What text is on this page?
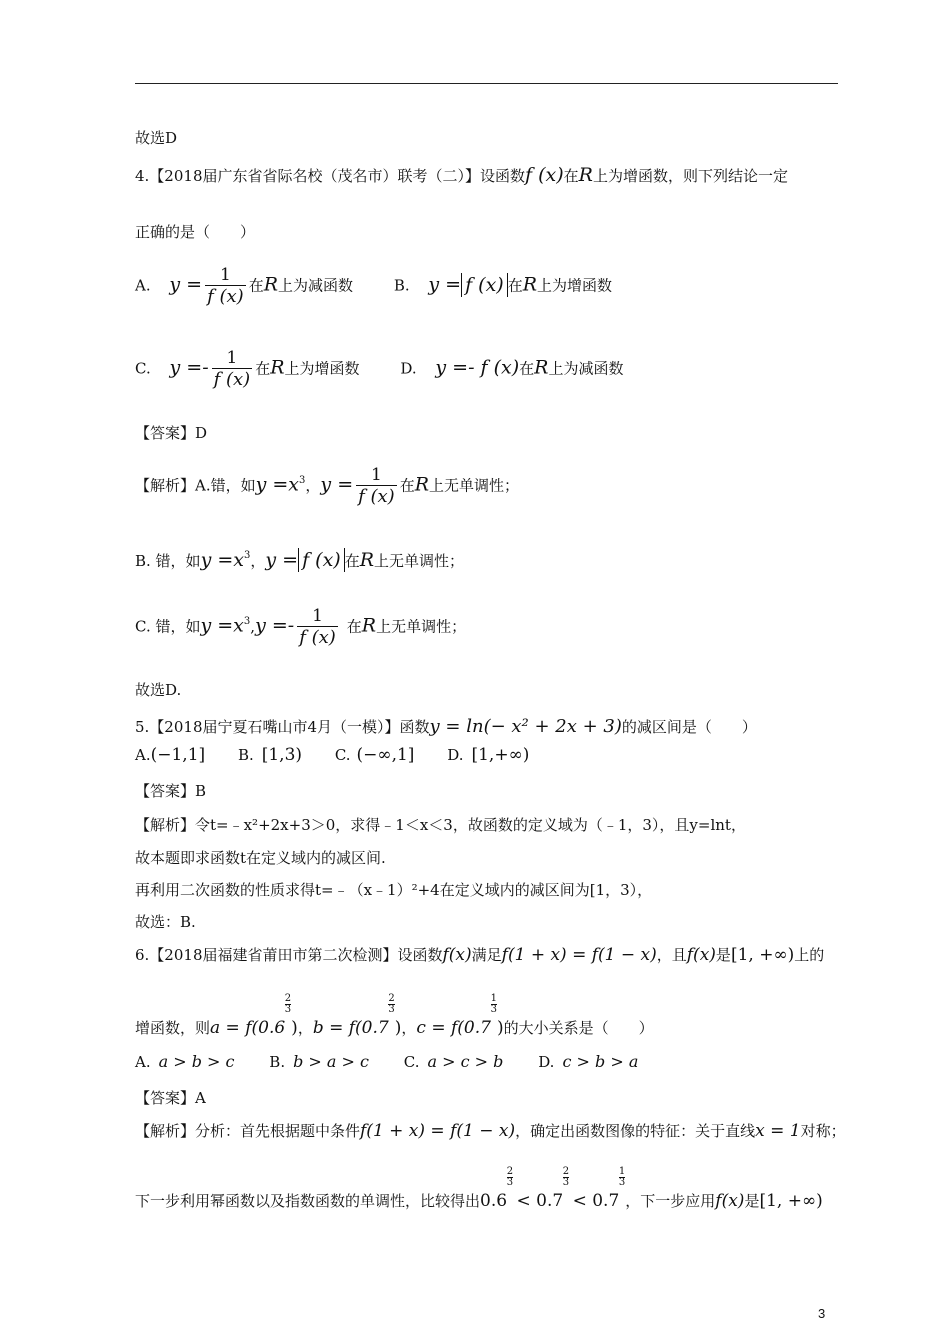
故选D
4.【2018届广东省省际名校（茂名市）联考（二）】设函数f (x)在R上为增函数，则下列结论一定
正确的是（　　）
A. $y = \frac{1}{f (x)}$ 在R上为减函数	B. y = f (x) 在R上为增函数
C. $y =- \frac{1}{f (x)}$ 在R上为增函数	D. y =- f (x)在R上为减函数
【答案】D
【解析】A.错，如$y =x^3$，$y = \frac{1}{f (x)}$ 在R上无单调性；
B. 错，如$y =x^3$，y = f (x) 在R上无单调性；
C. 错，如$y =x^3,y =- \frac{1}{f (x)}$ 在R上无单调性；
故选D.
5.【2018届宁夏石嘴山市4月（一模）】函数y = ln(− x² + 2x + 3)的减区间是（　　）
A.(−1,1] B. [1,3) C. (−∞,1] D. [1,+∞)
【答案】B
【解析】令t=﹣x²+2x+3＞0，求得﹣1＜x＜3，故函数的定义域为（﹣1，3），且y=lnt，
故本题即求函数t在定义域内的减区间.
再利用二次函数的性质求得t=﹣（x﹣1）²+4在定义域内的减区间为[1，3），
故选：B.
6.【2018届福建省莆田市第二次检测】设函数f(x)满足f(1 + x) = f(1 − x)，且f(x)是[1, +∞)上的
增函数，则a = f(0.6
2
3
)，b = f(0.7
2
3
)，c = f(0.7
1
3
)的大小关系是（　　）
A. a > b > c B. b > a > c C. a > c > b D. c > b > a
【答案】A
【解析】分析：首先根据题中条件f(1 + x) = f(1 − x)，确定出函数图像的特征：关于直线x = 1对称；
下一步利用幂函数以及指数函数的单调性，比较得出0.6
2
3
< 0.7
2
3
< 0.7
1
3
，下一步应用f(x)是[1, +∞)
3
